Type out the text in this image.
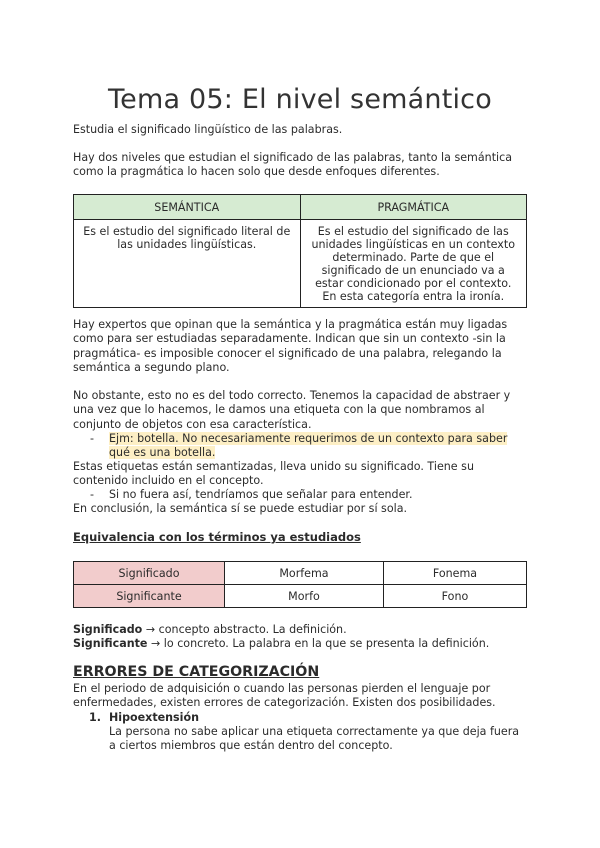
Tema 05: El nivel semántico

Estudia el significado lingüístico de las palabras.

Hay dos niveles que estudian el significado de las palabras, tanto la semántica como la pragmática lo hacen solo que desde enfoques diferentes.

SEMÁNTICA	PRAGMÁTICA
Es el estudio del significado literal de las unidades lingüísticas.	Es el estudio del significado de las unidades lingüísticas en un contexto determinado. Parte de que el significado de un enunciado va a estar condicionado por el contexto. En esta categoría entra la ironía.

Hay expertos que opinan que la semántica y la pragmática están muy ligadas como para ser estudiadas separadamente. Indican que sin un contexto -sin la pragmática- es imposible conocer el significado de una palabra, relegando la semántica a segundo plano.

No obstante, esto no es del todo correcto. Tenemos la capacidad de abstraer y una vez que lo hacemos, le damos una etiqueta con la que nombramos al conjunto de objetos con esa característica.

- Ejm: botella. No necesariamente requerimos de un contexto para saber qué es una botella.

Estas etiquetas están semantizadas, lleva unido su significado. Tiene su contenido incluido en el concepto.

- Si no fuera así, tendríamos que señalar para entender.

En conclusión, la semántica sí se puede estudiar por sí sola.

Equivalencia con los términos ya estudiados
Significado	Morfema	Fonema
Significante	Morfo	Fono

Significado → concepto abstracto. La definición.

Significante → lo concreto. La palabra en la que se presenta la definición.

ERRORES DE CATEGORIZACIÓN

En el periodo de adquisición o cuando las personas pierden el lenguaje por enfermedades, existen errores de categorización. Existen dos posibilidades.

1. Hipoextensión

La persona no sabe aplicar una etiqueta correctamente ya que deja fuera a ciertos miembros que están dentro del concepto.
